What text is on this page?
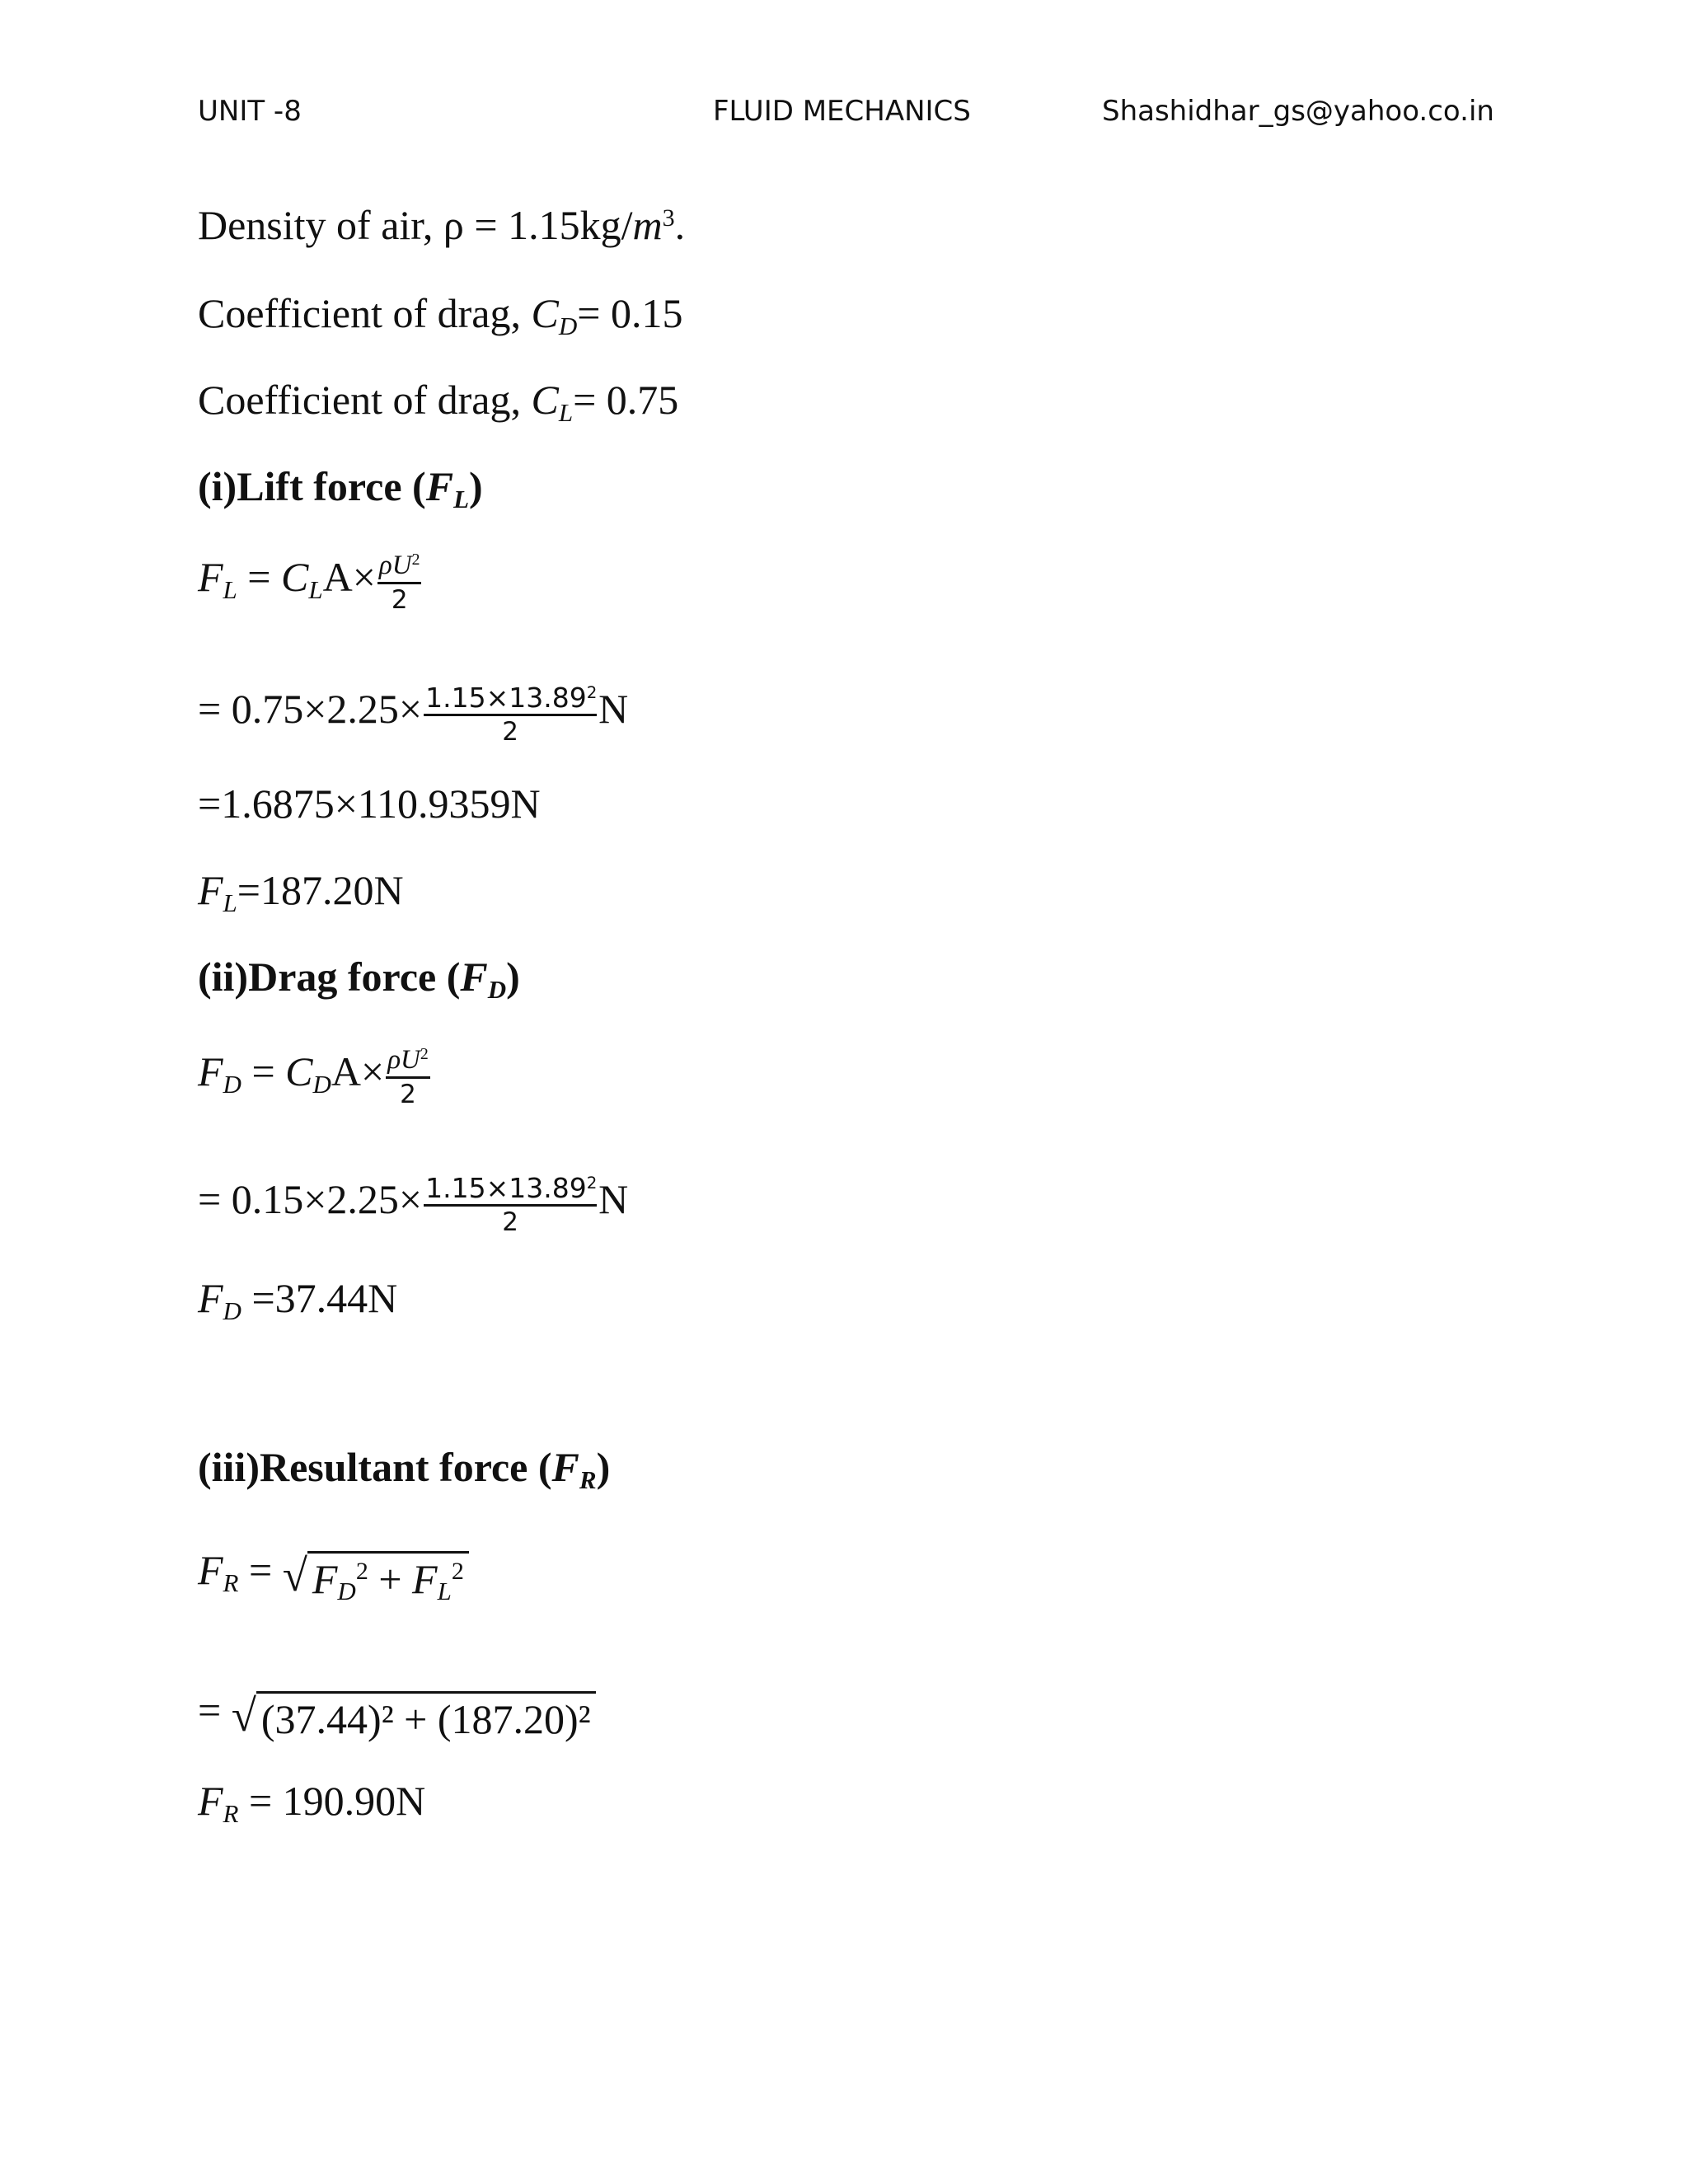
UNIT -8	FLUID MECHANICS	Shashidhar_gs@yahoo.co.in
Density of air, $\rho = 1.15kg/m^3$.
Coefficient of drag, CD= 0.15
Coefficient of drag, CL= 0.75
(i)Lift force (FL)
FL = $CLA\times \frac{\rho U^2}{2}$
= $0.75\times 2.25\times \frac{1.15\times 13.89^2}{2}$ N
=1.6875×110.9359N
FL=187.20N
(ii)Drag force (FD)
FD = $CDA\times \frac{\rho U^2}{2}$
= $0.15\times 2.25\times \frac{1.15\times 13.89^2}{2}$ N
FD =37.44N
(iii)Resultant force (FR)
FR = √ $FD^2 + FL^2$
= √ (37.44)² + (187.20)²
FR = 190.90N
